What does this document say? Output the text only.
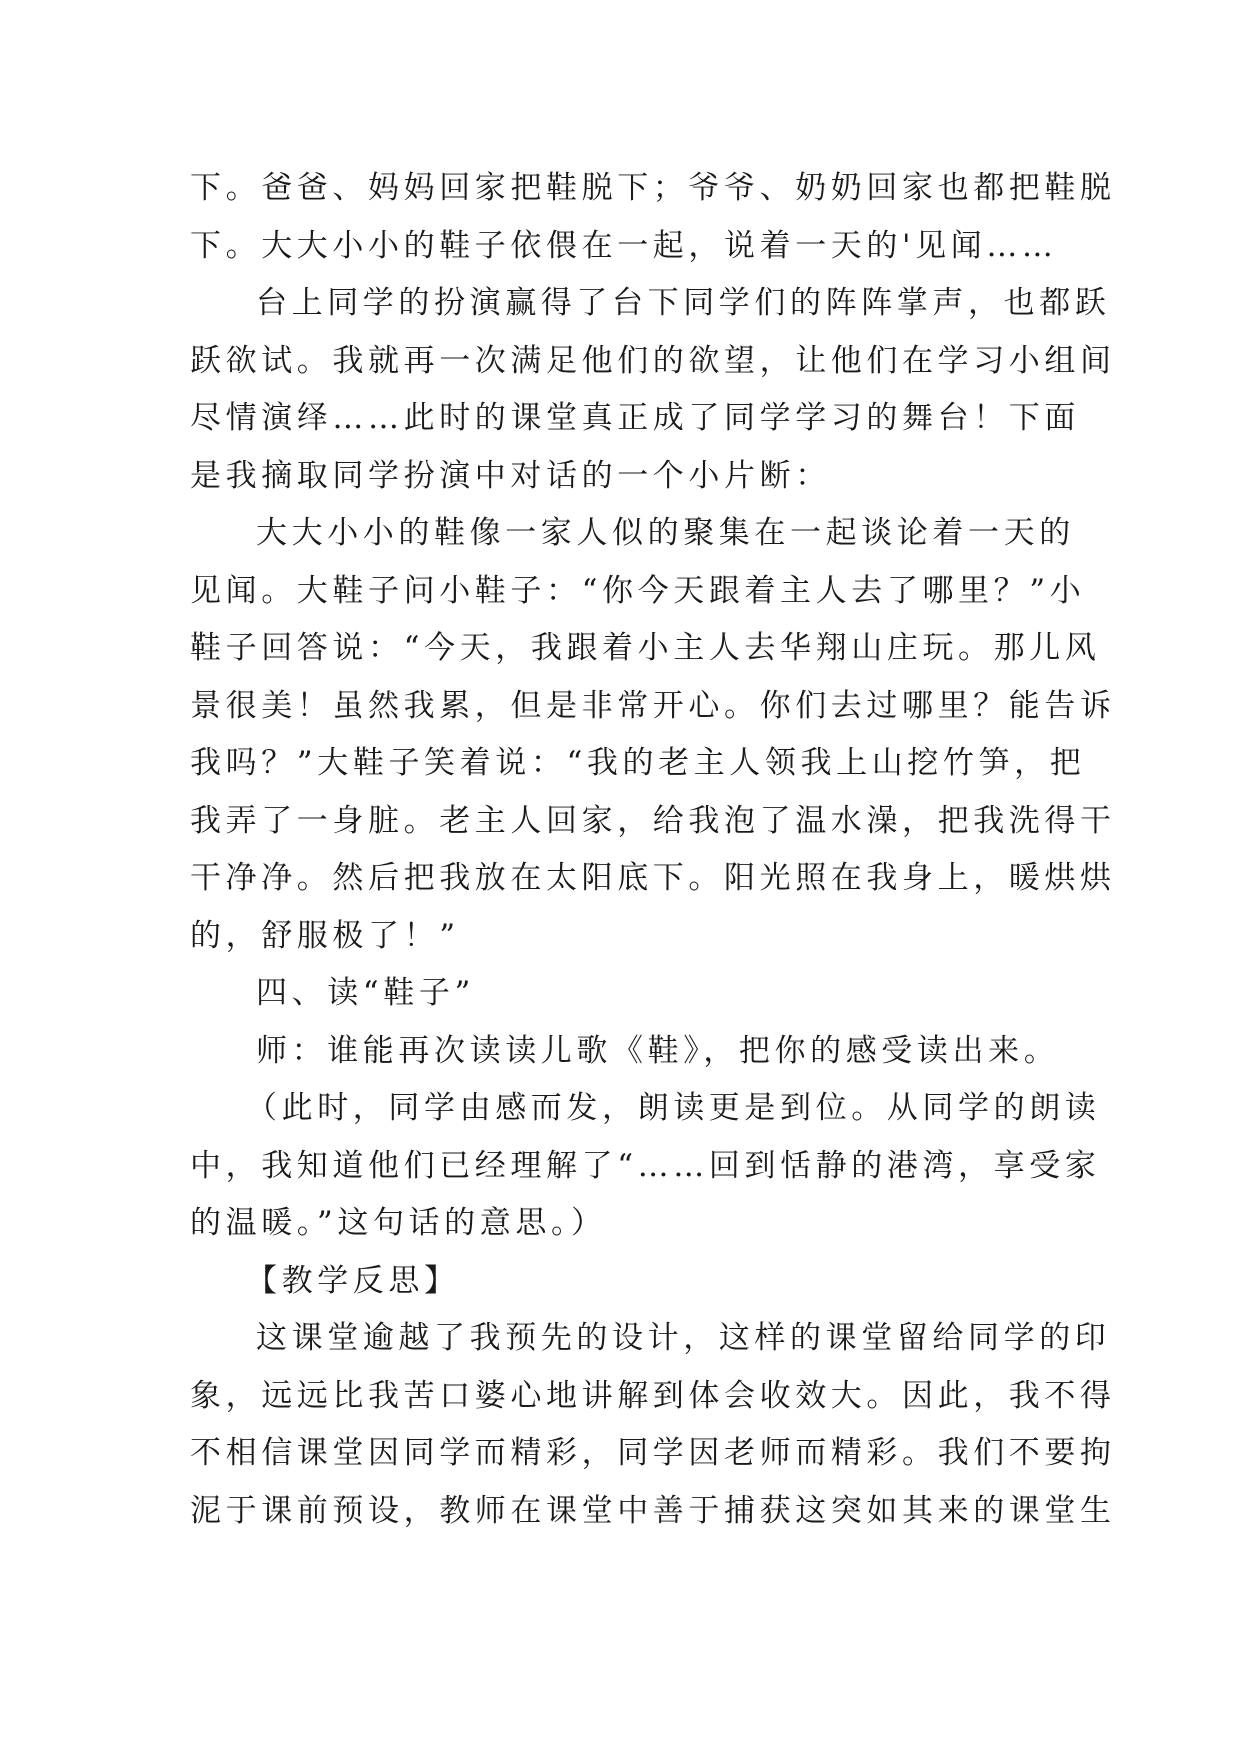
下。爸爸、妈妈回家把鞋脱下；爷爷、奶奶回家也都把鞋脱
下。大大小小的鞋子依偎在一起，说着一天的'见闻……
台上同学的扮演赢得了台下同学们的阵阵掌声，也都跃
跃欲试。我就再一次满足他们的欲望，让他们在学习小组间
尽情演绎……此时的课堂真正成了同学学习的舞台！下面
是我摘取同学扮演中对话的一个小片断：
大大小小的鞋像一家人似的聚集在一起谈论着一天的
见闻。大鞋子问小鞋子：“你今天跟着主人去了哪里？”小
鞋子回答说：“今天，我跟着小主人去华翔山庄玩。那儿风
景很美！虽然我累，但是非常开心。你们去过哪里？能告诉
我吗？”大鞋子笑着说：“我的老主人领我上山挖竹笋，把
我弄了一身脏。老主人回家，给我泡了温水澡，把我洗得干
干净净。然后把我放在太阳底下。阳光照在我身上，暖烘烘
的，舒服极了！”
四、读“鞋子”
师：谁能再次读读儿歌《鞋》，把你的感受读出来。
（此时，同学由感而发，朗读更是到位。从同学的朗读
中，我知道他们已经理解了“……回到恬静的港湾，享受家
的温暖。”这句话的意思。）
【教学反思】
这课堂逾越了我预先的设计，这样的课堂留给同学的印
象，远远比我苦口婆心地讲解到体会收效大。因此，我不得
不相信课堂因同学而精彩，同学因老师而精彩。我们不要拘
泥于课前预设，教师在课堂中善于捕获这突如其来的课堂生
